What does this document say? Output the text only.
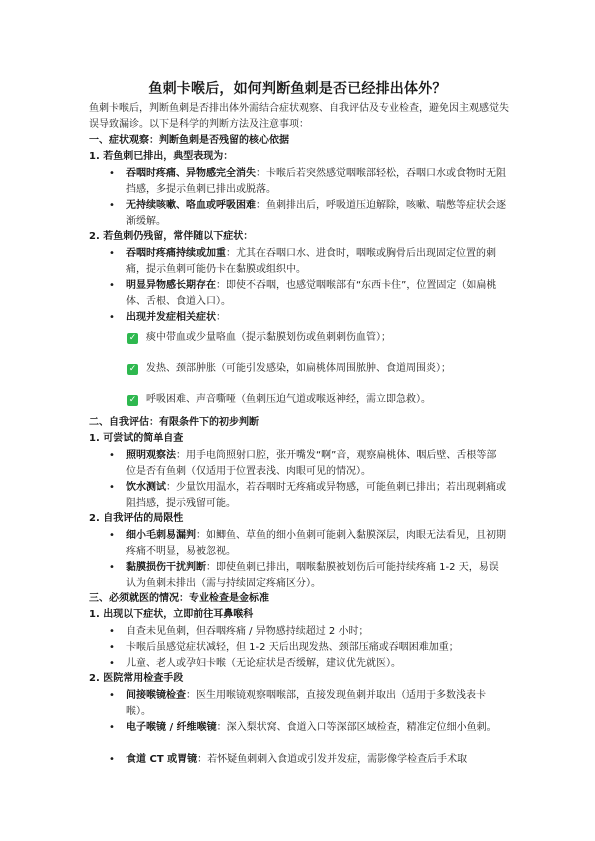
鱼刺卡喉后，如何判断鱼刺是否已经排出体外？
鱼刺卡喉后，判断鱼刺是否排出体外需结合症状观察、自我评估及专业检查，避免因主观感觉失误导致漏诊。以下是科学的判断方法及注意事项：
一、症状观察：判断鱼刺是否残留的核心依据
1. 若鱼刺已排出，典型表现为：
• 吞咽时疼痛、异物感完全消失：卡喉后若突然感觉咽喉部轻松，吞咽口水或食物时无阻挡感，多提示鱼刺已排出或脱落。
• 无持续咳嗽、咯血或呼吸困难：鱼刺排出后，呼吸道压迫解除，咳嗽、喘憋等症状会逐渐缓解。
2. 若鱼刺仍残留，常伴随以下症状：
• 吞咽时疼痛持续或加重：尤其在吞咽口水、进食时，咽喉或胸骨后出现固定位置的刺痛，提示鱼刺可能仍卡在黏膜或组织中。
• 明显异物感长期存在：即使不吞咽，也感觉咽喉部有“东西卡住”，位置固定（如扁桃体、舌根、食道入口）。
• 出现并发症相关症状：
✓ 痰中带血或少量咯血（提示黏膜划伤或鱼刺刺伤血管）；
✓ 发热、颈部肿胀（可能引发感染，如扁桃体周围脓肿、食道周围炎）；
✓ 呼吸困难、声音嘶哑（鱼刺压迫气道或喉返神经，需立即急救）。
二、自我评估：有限条件下的初步判断
1. 可尝试的简单自查
• 照明观察法：用手电筒照射口腔，张开嘴发“啊”音，观察扁桃体、咽后壁、舌根等部位是否有鱼刺（仅适用于位置表浅、肉眼可见的情况）。
• 饮水测试：少量饮用温水，若吞咽时无疼痛或异物感，可能鱼刺已排出；若出现刺痛或阻挡感，提示残留可能。
2. 自我评估的局限性
• 细小毛刺易漏判：如鲫鱼、草鱼的细小鱼刺可能刺入黏膜深层，肉眼无法看见，且初期疼痛不明显，易被忽视。
• 黏膜损伤干扰判断：即使鱼刺已排出，咽喉黏膜被划伤后可能持续疼痛 1-2 天，易误认为鱼刺未排出（需与持续固定疼痛区分）。
三、必须就医的情况：专业检查是金标准
1. 出现以下症状，立即前往耳鼻喉科
• 自查未见鱼刺，但吞咽疼痛 / 异物感持续超过 2 小时；
• 卡喉后虽感觉症状减轻，但 1-2 天后出现发热、颈部压痛或吞咽困难加重；
• 儿童、老人或孕妇卡喉（无论症状是否缓解，建议优先就医）。
2. 医院常用检查手段
• 间接喉镜检查：医生用喉镜观察咽喉部，直接发现鱼刺并取出（适用于多数浅表卡喉）。
• 电子喉镜 / 纤维喉镜：深入梨状窝、食道入口等深部区域检查，精准定位细小鱼刺。
• 食道 CT 或胃镜：若怀疑鱼刺刺入食道或引发并发症，需影像学检查后手术取
